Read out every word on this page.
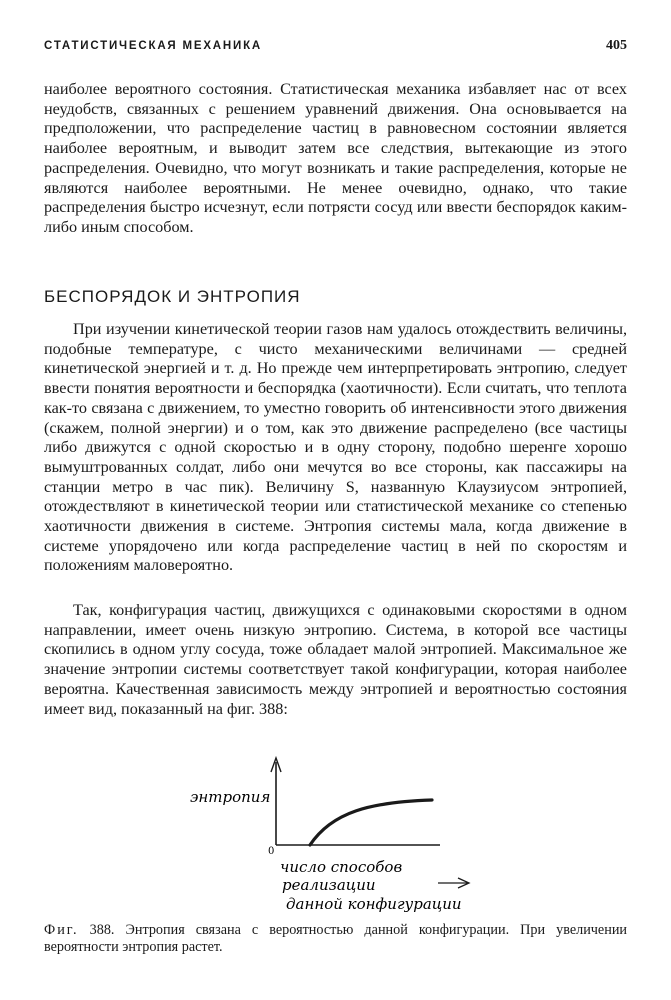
СТАТИСТИЧЕСКАЯ МЕХАНИКА	405

наиболее вероятного состояния. Статистическая механика избавляет нас от всех неудобств, связанных с решением уравнений движения. Она основывается на предположении, что распределение частиц в равновесном состоянии является наиболее вероятным, и выводит затем все следствия, вытекающие из этого распределения. Очевидно, что могут возникать и такие распределения, которые не являются наиболее вероятными. Не менее очевидно, однако, что такие распределения быстро исчезнут, если потрясти сосуд или ввести беспорядок каким-либо иным способом.

БЕСПОРЯДОК И ЭНТРОПИЯ

При изучении кинетической теории газов нам удалось отождествить величины, подобные температуре, с чисто механическими величинами — средней кинетической энергией и т. д. Но прежде чем интерпретировать энтропию, следует ввести понятия вероятности и беспорядка (хаотичности). Если считать, что теплота как-то связана с движением, то уместно говорить об интенсивности этого движения (скажем, полной энергии) и о том, как это движение распределено (все частицы либо движутся с одной скоростью и в одну сторону, подобно шеренге хорошо вымуштрованных солдат, либо они мечутся во все стороны, как пассажиры на станции метро в час пик). Величину S, названную Клаузиусом энтропией, отождествляют в кинетической теории или статистической механике со степенью хаотичности движения в системе. Энтропия системы мала, когда движение в системе упорядочено или когда распределение частиц в ней по скоростям и положениям маловероятно.

Так, конфигурация частиц, движущихся с одинаковыми скоростями в одном направлении, имеет очень низкую энтропию. Система, в которой все частицы скопились в одном углу сосуда, тоже обладает малой энтропией. Максимальное же значение энтропии системы соответствует такой конфигурации, которая наиболее вероятна. Качественная зависимость между энтропией и вероятностью состояния имеет вид, показанный на фиг. 388:

энтропия
0
число способов
реализации
данной конфигурации
Фиг. 388. Энтропия связана с вероятностью данной конфигурации. При увеличении вероятности энтропия растет.
